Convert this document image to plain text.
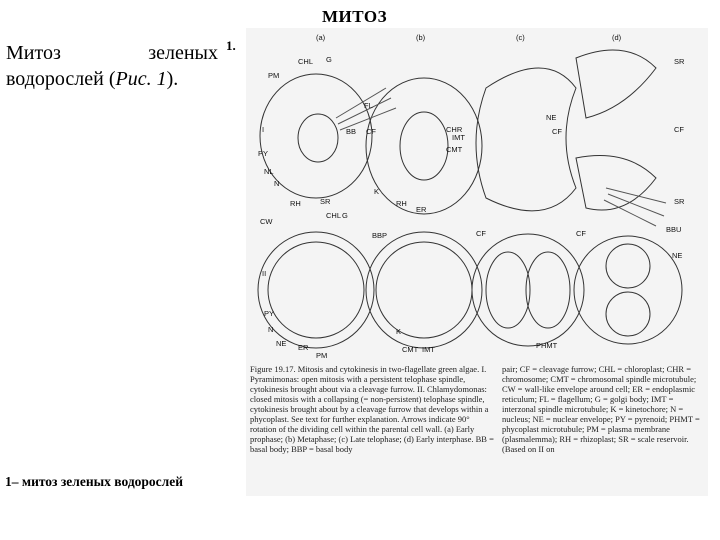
МИТОЗ
Митоз зеленых водорослей (Рис. 1).
1.
CHL G
PM
I
PY
NL
N
RH	SR
FL
BB CF	CHR
IMT
CMT
K
RH
ER
NE
CF
SR
CF
SR
CW
CHL G
BBP
II
PY
N
NE ER
PM
K
CMT IMT
CF	CF	BBU
NE
PHMT
(a)	(b)	(c)	(d)
Figure 19.17. Mitosis and cytokinesis in two-flagellate green algae. I. Pyramimonas: open mitosis with a persistent telophase spindle, cytokinesis brought about via a cleavage furrow. II. Chlamydomonas: closed mitosis with a collapsing (= non-persistent) telophase spindle, cytokinesis brought about by a cleavage furrow that develops within a phycoplast. See text for further explanation. Arrows indicate 90° rotation of the dividing cell within the parental cell wall. (a) Early prophase; (b) Metaphase; (c) Late telophase; (d) Early interphase. BB = basal body; BBP = basal body
pair; CF = cleavage furrow; CHL = chloroplast; CHR = chromosome; CMT = chromosomal spindle microtubule; CW = wall-like envelope around cell; ER = endoplasmic reticulum; FL = flagellum; G = golgi body; IMT = interzonal spindle microtubule; K = kinetochore; N = nucleus; NE = nuclear envelope; PY = pyrenoid; PHMT = phycoplast microtubule; PM = plasma membrane (plasmalemma); RH = rhizoplast; SR = scale reservoir. (Based on II on
1– митоз зеленых водорослей
